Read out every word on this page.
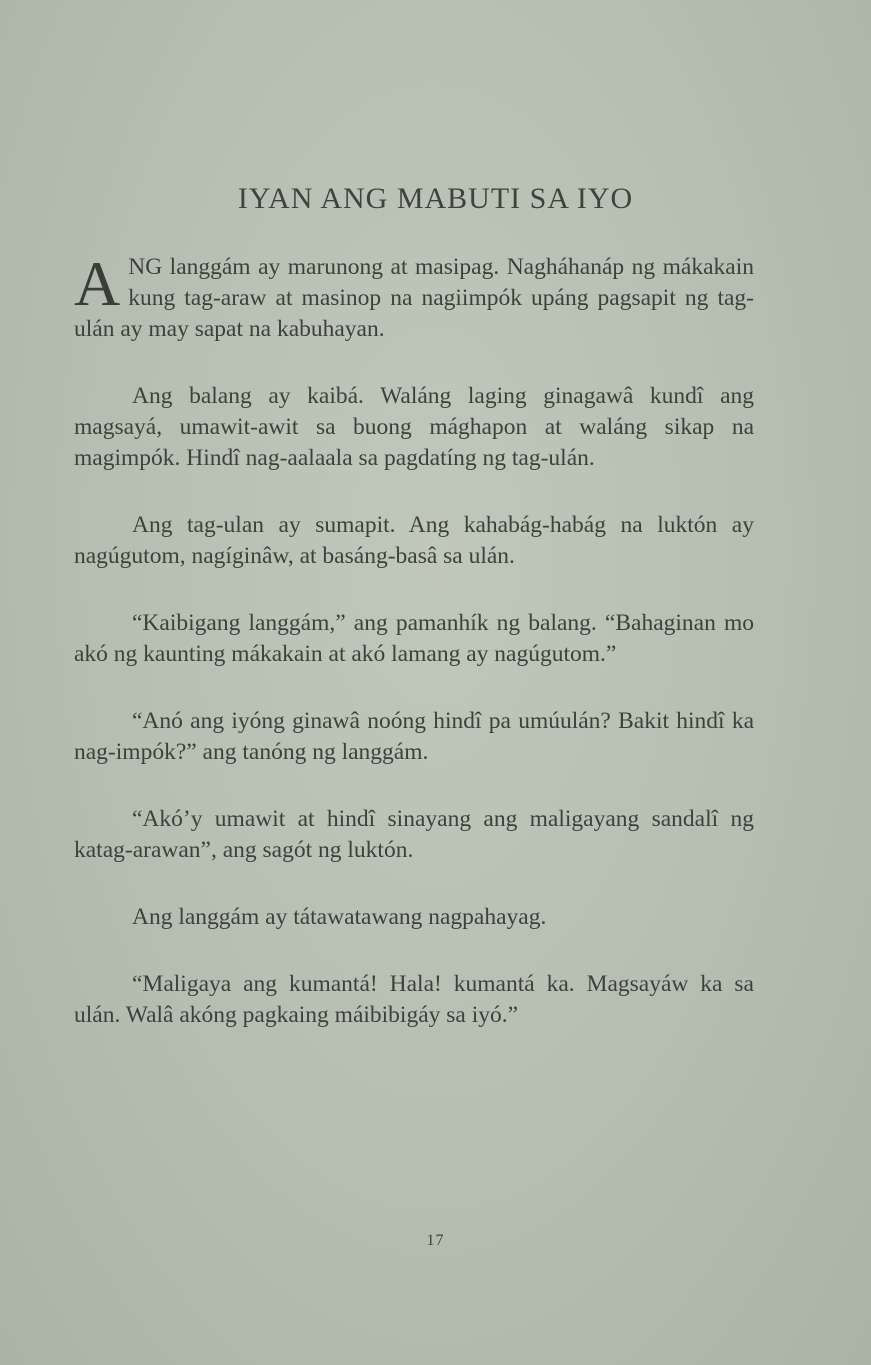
IYAN ANG MABUTI SA IYO

ANG langgám ay marunong at masipag. Nagháhanáp ng mákakain kung tag-araw at masinop na nagiimpók upáng pagsapit ng tag-ulán ay may sapat na kabuhayan.

Ang balang ay kaibá. Waláng laging ginagawâ kundî ang magsayá, umawit-awit sa buong mághapon at waláng sikap na magimpók. Hindî nag-aalaala sa pagdatíng ng tag-ulán.

Ang tag-ulan ay sumapit. Ang kahabág-habág na luktón ay nagúgutom, nagíginâw, at basáng-basâ sa ulán.

“Kaibigang langgám,” ang pamanhík ng balang. “Bahaginan mo akó ng kaunting mákakain at akó lamang ay nagúgutom.”

“Anó ang iyóng ginawâ noóng hindî pa umúulán? Bakit hindî ka nag-impók?” ang tanóng ng langgám.

“Akó’y umawit at hindî sinayang ang maligayang sandalî ng katag-arawan”, ang sagót ng luktón.

Ang langgám ay tátawatawang nagpahayag.

“Maligaya ang kumantá! Hala! kumantá ka. Magsayáw ka sa ulán. Walâ akóng pagkaing máibibigáy sa iyó.”

17
